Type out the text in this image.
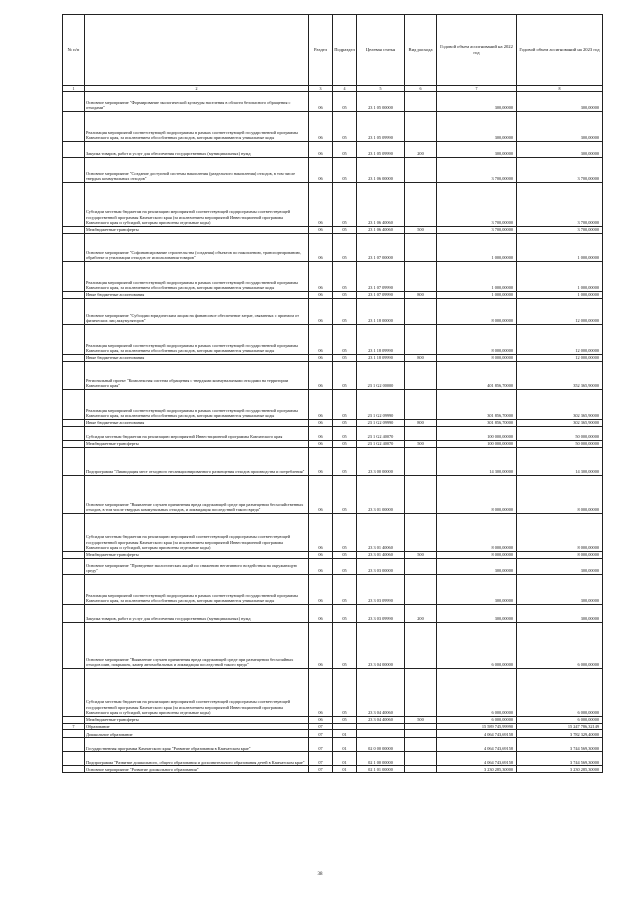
№ п/п		Раздел	Подраздел	Целевая статья	Вид расхода	Годовой объем ассигнований на 2022 год	Годовой объем ассигнований на 2023 год
1	2	3	4	5	6	7	8
	Основное мероприятие "Формирование экологической культуры населения в области безопасного обращения с отходами"	06	05	23 1 05 00000		300,00000	300,00000
	Реализация мероприятий соответствующей подпрограммы в рамках соответствующей государственной программы Камчатского края, за исключением обособленных расходов, которым присваиваются уникальные коды	06	05	23 1 05 09990		300,00000	300,00000
	Закупка товаров, работ и услуг для обеспечения государственных (муниципальных) нужд	06	05	23 1 05 09990	200	300,00000	300,00000
	Основное мероприятие "Создание доступной системы накопления (раздельного накопления) отходов, в том числе твердых коммунальных отходов"	06	05	23 1 06 00000		3 700,00000	3 700,00000
	Субсидии местным бюджетам на реализацию мероприятий соответствующей подпрограммы соответствующей государственной программы Камчатского края (за исключением мероприятий Инвестиционной программы Камчатского края и субсидий, которым присвоены отдельные коды)	06	05	23 1 06 40060		3 700,00000	3 700,00000
	Межбюджетные трансферты	06	05	23 1 06 40060	500	3 700,00000	3 700,00000
	Основное мероприятие "Софинансирование строительства (создания) объектов по накоплению, транспортированию, обработке и утилизации отходов от использования товаров"	06	05	23 1 07 00000		1 000,00000	1 000,00000
	Реализация мероприятий соответствующей подпрограммы в рамках соответствующей государственной программы Камчатского края, за исключением обособленных расходов, которым присваиваются уникальные коды	06	05	23 1 07 09990		1 000,00000	1 000,00000
	Иные бюджетные ассигнования	06	05	23 1 07 09990	800	1 000,00000	1 000,00000
	Основное мероприятие "Субсидии юридическим лицам на финансовое обеспечение затрат, связанных с приемом от физических лиц аккумуляторов"	06	05	23 1 18 00000		8 000,00000	12 000,00000
	Реализация мероприятий соответствующей подпрограммы в рамках соответствующей государственной программы Камчатского края, за исключением обособленных расходов, которым присваиваются уникальные коды	06	05	23 1 18 09990		8 000,00000	12 000,00000
	Иные бюджетные ассигнования	06	05	23 1 18 09990	800	8 000,00000	12 000,00000
	Региональный проект "Комплексная система обращения с твердыми коммунальными отходами на территории Камчатского края"	06	05	23 1 G2 00000		401 856,70000	352 365,90000
	Реализация мероприятий соответствующей подпрограммы в рамках соответствующей государственной программы Камчатского края, за исключением обособленных расходов, которым присваиваются уникальные коды	06	05	23 1 G2 09990		301 856,70000	302 365,90000
	Иные бюджетные ассигнования	06	05	23 1 G2 09990	800	301 856,70000	302 365,90000
	Субсидии местным бюджетам на реализацию мероприятий Инвестиционной программы Камчатского края	06	05	23 1 G2 40070		100 000,00000	50 000,00000
	Межбюджетные трансферты	06	05	23 1 G2 40070	500	100 000,00000	50 000,00000
	Подпрограмма "Ликвидация мест отходного несанкционированного размещения отходов производства и потребления"	06	05	23 3 00 00000		14 300,00000	14 300,00000
	Основное мероприятие "Выявление случаев причинения вреда окружающей среде при размещении бесхозяйственных отходов, в том числе твердых коммунальных отходов, и ликвидация последствий такого вреда"	06	05	23 3 01 00000		8 000,00000	8 000,00000
	Субсидии местным бюджетам на реализацию мероприятий соответствующей подпрограммы соответствующей государственной программы Камчатского края (за исключением мероприятий Инвестиционной программы Камчатского края и субсидий, которым присвоены отдельные коды)	06	05	23 3 01 40060		8 000,00000	8 000,00000
	Межбюджетные трансферты	06	05	23 3 01 40060	500	8 000,00000	8 000,00000
	Основное мероприятие "Проведение экологических акций по снижению негативного воздействия на окружающую среду"	06	05	23 3 03 00000		300,00000	300,00000
	Реализация мероприятий соответствующей подпрограммы в рамках соответствующей государственной программы Камчатского края, за исключением обособленных расходов, которым присваиваются уникальные коды	06	05	23 3 03 09990		300,00000	300,00000
	Закупка товаров, работ и услуг для обеспечения государственных (муниципальных) нужд	06	05	23 3 03 09990	200	300,00000	300,00000
	Основное мероприятие "Выявление случаев причинения вреда окружающей среде при размещении бесхозяйных отходов шин, покрышек, камер автомобильных и ликвидация последствий такого вреда"	06	05	23 3 04 00000		6 000,00000	6 000,00000
	Субсидии местным бюджетам на реализацию мероприятий соответствующей подпрограммы соответствующей государственной программы Камчатского края (за исключением мероприятий Инвестиционной программы Камчатского края и субсидий, которым присвоены отдельные коды)	06	05	23 3 04 40060		6 000,00000	6 000,00000
	Межбюджетные трансферты	06	05	23 3 04 40060	500	6 000,00000	6 000,00000
7	Образование	07				15 589 745,99990	15 247 786,32149
	Дошкольное образование	07	01			4 064 743,69158	3 782 329,40000
	Государственная программа Камчатского края "Развитие образования в Камчатском крае"	07	01	02 0 00 00000		4 064 743,69158	3 744 569,30000
	Подпрограмма "Развитие дошкольного, общего образования и дополнительного образования детей в Камчатском крае"	07	01	02 1 00 00000		4 064 743,69158	3 744 569,30000
	Основное мероприятие "Развитие дошкольного образования"	07	01	02 1 01 00000		3 230 285,30000	3 230 285,30000
38
